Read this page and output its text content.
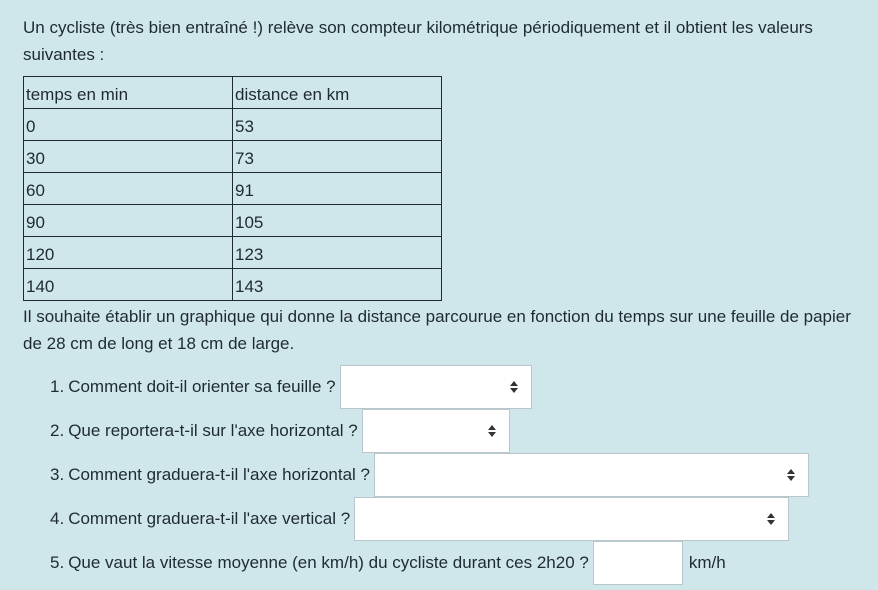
Un cycliste (très bien entraîné !) relève son compteur kilométrique périodiquement et il obtient les valeurs suivantes :

temps en min	distance en km
0	53
30	73
60	91
90	105
120	123
140	143

Il souhaite établir un graphique qui donne la distance parcourue en fonction du temps sur une feuille de papier de 28 cm de long et 18 cm de large.

1. Comment doit-il orienter sa feuille ?
2. Que reportera-t-il sur l'axe horizontal ?
3. Comment graduera-t-il l'axe horizontal ?
4. Comment graduera-t-il l'axe vertical ?
5. Que vaut la vitesse moyenne (en km/h) du cycliste durant ces 2h20 ?	km/h
